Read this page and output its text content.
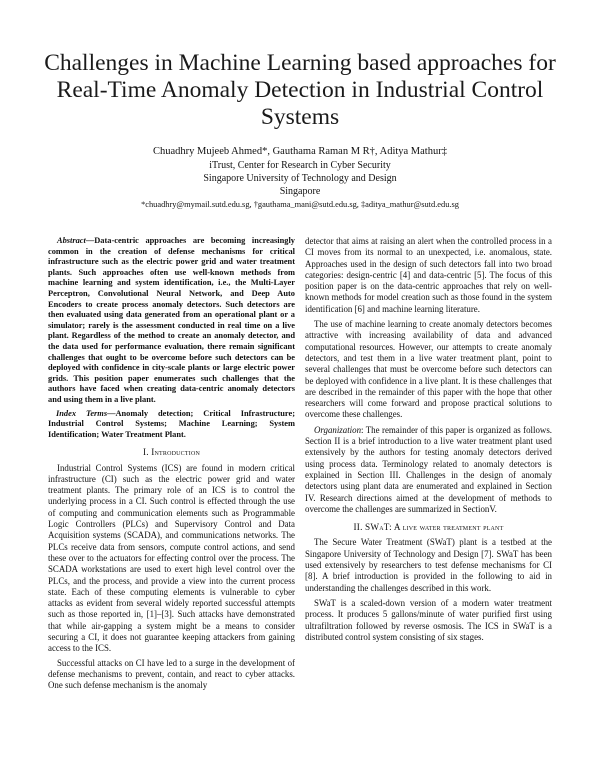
Challenges in Machine Learning based approaches for Real-Time Anomaly Detection in Industrial Control Systems
Chuadhry Mujeeb Ahmed*, Gauthama Raman M R†, Aditya Mathur‡
iTrust, Center for Research in Cyber Security
Singapore University of Technology and Design
Singapore
*chuadhry@mymail.sutd.edu.sg, †gauthama_mani@sutd.edu.sg, ‡aditya_mathur@sutd.edu.sg

Abstract—Data-centric approaches are becoming increasingly common in the creation of defense mechanisms for critical infrastructure such as the electric power grid and water treatment plants. Such approaches often use well-known methods from machine learning and system identification, i.e., the Multi-Layer Perceptron, Convolutional Neural Network, and Deep Auto Encoders to create process anomaly detectors. Such detectors are then evaluated using data generated from an operational plant or a simulator; rarely is the assessment conducted in real time on a live plant. Regardless of the method to create an anomaly detector, and the data used for performance evaluation, there remain significant challenges that ought to be overcome before such detectors can be deployed with confidence in city-scale plants or large electric power grids. This position paper enumerates such challenges that the authors have faced when creating data-centric anomaly detectors and using them in a live plant.

Index Terms—Anomaly detection; Critical Infrastructure; Industrial Control Systems; Machine Learning; System Identification; Water Treatment Plant.

I. Introduction

Industrial Control Systems (ICS) are found in modern critical infrastructure (CI) such as the electric power grid and water treatment plants. The primary role of an ICS is to control the underlying process in a CI. Such control is effected through the use of computing and communication elements such as Programmable Logic Controllers (PLCs) and Supervisory Control and Data Acquisition systems (SCADA), and communications networks. The PLCs receive data from sensors, compute control actions, and send these over to the actuators for effecting control over the process. The SCADA workstations are used to exert high level control over the PLCs, and the process, and provide a view into the current process state. Each of these computing elements is vulnerable to cyber attacks as evident from several widely reported successful attempts such as those reported in, [1]–[3]. Such attacks have demonstrated that while air-gapping a system might be a means to consider securing a CI, it does not guarantee keeping attackers from gaining access to the ICS.

Successful attacks on CI have led to a surge in the development of defense mechanisms to prevent, contain, and react to cyber attacks. One such defense mechanism is the anomaly

detector that aims at raising an alert when the controlled process in a CI moves from its normal to an unexpected, i.e. anomalous, state. Approaches used in the design of such detectors fall into two broad categories: design-centric [4] and data-centric [5]. The focus of this position paper is on the data-centric approaches that rely on well-known methods for model creation such as those found in the system identification [6] and machine learning literature.

The use of machine learning to create anomaly detectors becomes attractive with increasing availability of data and advanced computational resources. However, our attempts to create anomaly detectors, and test them in a live water treatment plant, point to several challenges that must be overcome before such detectors can be deployed with confidence in a live plant. It is these challenges that are described in the remainder of this paper with the hope that other researchers will come forward and propose practical solutions to overcome these challenges.

Organization: The remainder of this paper is organized as follows. Section II is a brief introduction to a live water treatment plant used extensively by the authors for testing anomaly detectors derived using process data. Terminology related to anomaly detectors is explained in Section III. Challenges in the design of anomaly detectors using plant data are enumerated and explained in Section IV. Research directions aimed at the development of methods to overcome the challenges are summarized in SectionV.

II. SWaT: A live water treatment plant

The Secure Water Treatment (SWaT) plant is a testbed at the Singapore University of Technology and Design [7]. SWaT has been used extensively by researchers to test defense mechanisms for CI [8]. A brief introduction is provided in the following to aid in understanding the challenges described in this work.

SWaT is a scaled-down version of a modern water treatment process. It produces 5 gallons/minute of water purified first using ultrafiltration followed by reverse osmosis. The ICS in SWaT is a distributed control system consisting of six stages.
